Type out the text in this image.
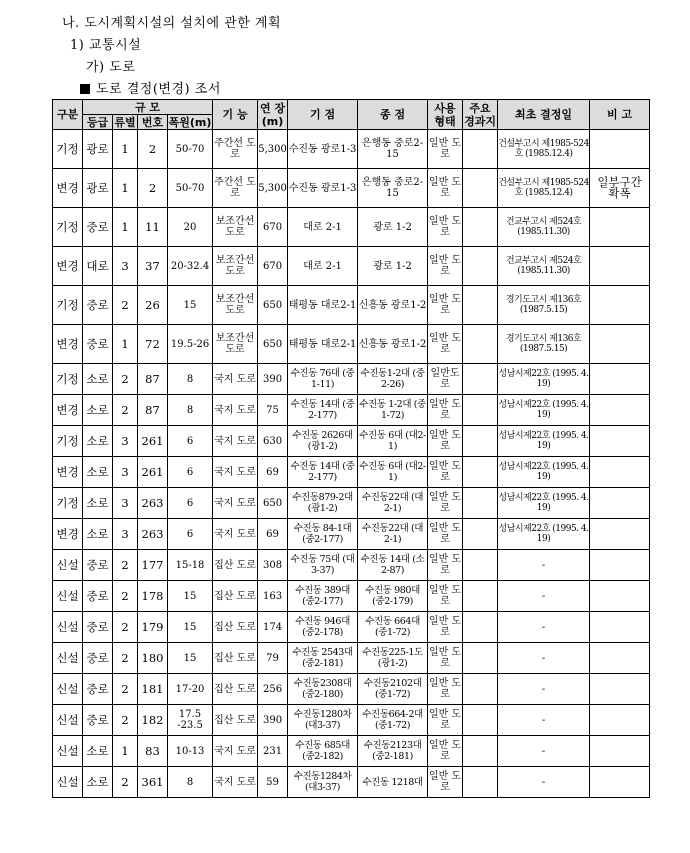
나. 도시계획시설의 설치에 관한 계획
1) 교통시설
가) 도로
도로 결정(변경) 조서
구분	규 모				기 능	연 장 (m)	기 점	종 점	사용 형태	주요 경과지	최초 결정일	비 고
	등급	류별	번호	폭원(m)								
기정	광로	1	2	50-70	주간선 도로	5,300	수진동 광로1-3	은행동 중로2-15	일반 도로		건설부고시 제1985-524호 (1985.12.4)	
변경	광로	1	2	50-70	주간선 도로	5,300	수진동 광로1-3	은행동 중로2-15	일반 도로		건설부고시 제1985-524호 (1985.12.4)	일부구간 확폭
기정	중로	1	11	20	보조간선 도로	670	대로 2-1	광로 1-2	일반 도로		건교부고시 제524호 (1985.11.30)	
변경	대로	3	37	20-32.4	보조간선 도로	670	대로 2-1	광로 1-2	일반 도로		건교부고시 제524호 (1985.11.30)	
기정	중로	2	26	15	보조간선 도로	650	태평동 대로2-1	신흥동 광로1-2	일반 도로		경기도고시 제136호 (1987.5.15)	
변경	중로	1	72	19.5-26	보조간선 도로	650	태평동 대로2-1	신흥동 광로1-2	일반 도로		경기도고시 제136호 (1987.5.15)	
기정	소로	2	87	8	국지 도로	390	수진동 76대 (중1-11)	수진동1-2대 (중2-26)	일반도 로		성남시제22호 (1995. 4. 19)	
변경	소로	2	87	8	국지 도로	75	수진동 14대 (중2-177)	수진동 1-2대 (중1-72)	일반 도로		성남시제22호 (1995. 4. 19)	
기정	소로	3	261	6	국지 도로	630	수진동 2626대 (광1-2)	수진동 6대 (대2-1)	일반 도로		성남시제22호 (1995. 4. 19)	
변경	소로	3	261	6	국지 도로	69	수진동 14대 (중2-177)	수진동 6대 (대2-1)	일반 도로		성남시제22호 (1995. 4. 19)	
기정	소로	3	263	6	국지 도로	650	수진동879-2대 (광1-2)	수진동22대 (대2-1)	일반 도로		성남시제22호 (1995. 4. 19)	
변경	소로	3	263	6	국지 도로	69	수진동 84-1대 (중2-177)	수진동22대 (대2-1)	일반 도로		성남시제22호 (1995. 4. 19)	
신설	중로	2	177	15-18	집산 도로	308	수진동 75대 (대3-37)	수진동 14대 (소2-87)	일반 도로		-	
신설	중로	2	178	15	집산 도로	163	수진동 389대 (중2-177)	수진동 980대 (중2-179)	일반 도로		-	
신설	중로	2	179	15	집산 도로	174	수진동 946대 (중2-178)	수진동 664대 (중1-72)	일반 도로		-	
신설	중로	2	180	15	집산 도로	79	수진동 2543대 (중2-181)	수진동225-1도 (광1-2)	일반 도로		-	
신설	중로	2	181	17-20	집산 도로	256	수진동2308대 (중2-180)	수진동2102대 (중1-72)	일반 도로		-	
신설	중로	2	182	17.5 -23.5	집산 도로	390	수진동1280차 (대3-37)	수진동664-2대 (중1-72)	일반 도로		-	
신설	소로	1	83	10-13	국지 도로	231	수진동 685대 (중2-182)	수진동2123대 (중2-181)	일반 도로		-	
신설	소로	2	361	8	국지 도로	59	수진동1284차 (대3-37)	수진동 1218대	일반 도로		-	
